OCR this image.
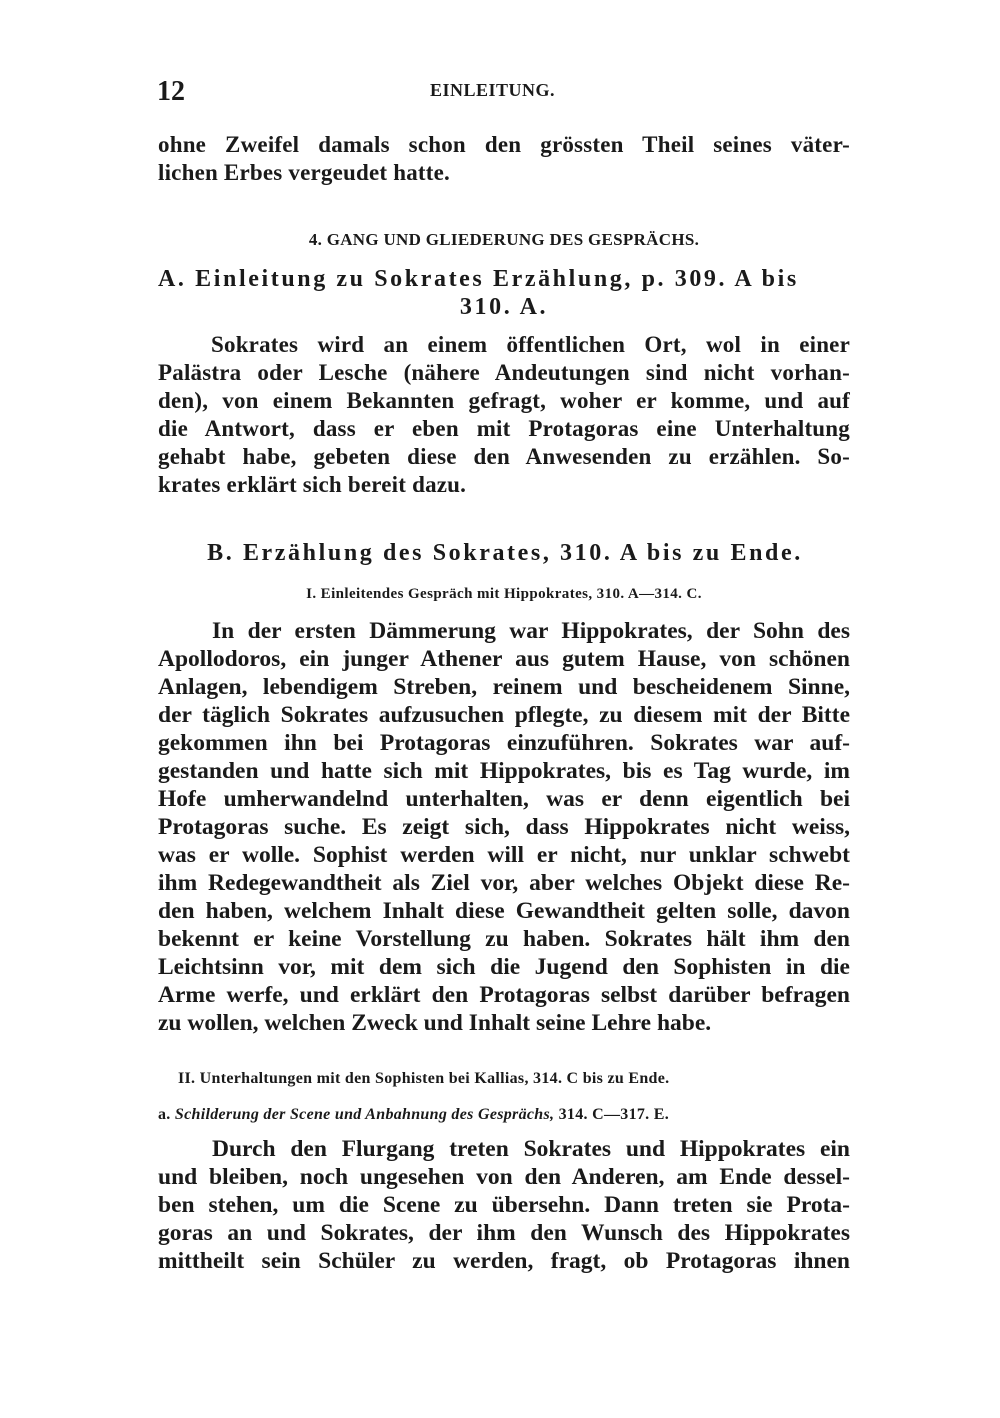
12	EINLEITUNG.
ohne Zweifel damals schon den grössten Theil seines väter-
lichen Erbes vergeudet hatte.
4. GANG UND GLIEDERUNG DES GESPRÄCHS.
A. Einleitung zu Sokrates Erzählung, p. 309. A bis
310. A.
Sokrates wird an einem öffentlichen Ort, wol in einer
Palästra oder Lesche (nähere Andeutungen sind nicht vorhan-
den), von einem Bekannten gefragt, woher er komme, und auf
die Antwort, dass er eben mit Protagoras eine Unterhaltung
gehabt habe, gebeten diese den Anwesenden zu erzählen. So-
krates erklärt sich bereit dazu.
B. Erzählung des Sokrates, 310. A bis zu Ende.
I. Einleitendes Gespräch mit Hippokrates, 310. A—314. C.
In der ersten Dämmerung war Hippokrates, der Sohn des
Apollodoros, ein junger Athener aus gutem Hause, von schönen
Anlagen, lebendigem Streben, reinem und bescheidenem Sinne,
der täglich Sokrates aufzusuchen pflegte, zu diesem mit der Bitte
gekommen ihn bei Protagoras einzuführen. Sokrates war auf-
gestanden und hatte sich mit Hippokrates, bis es Tag wurde, im
Hofe umherwandelnd unterhalten, was er denn eigentlich bei
Protagoras suche. Es zeigt sich, dass Hippokrates nicht weiss,
was er wolle. Sophist werden will er nicht, nur unklar schwebt
ihm Redegewandtheit als Ziel vor, aber welches Objekt diese Re-
den haben, welchem Inhalt diese Gewandtheit gelten solle, davon
bekennt er keine Vorstellung zu haben. Sokrates hält ihm den
Leichtsinn vor, mit dem sich die Jugend den Sophisten in die
Arme werfe, und erklärt den Protagoras selbst darüber befragen
zu wollen, welchen Zweck und Inhalt seine Lehre habe.
II. Unterhaltungen mit den Sophisten bei Kallias, 314. C bis zu Ende.
a. Schilderung der Scene und Anbahnung des Gesprächs, 314. C—317. E.
Durch den Flurgang treten Sokrates und Hippokrates ein
und bleiben, noch ungesehen von den Anderen, am Ende dessel-
ben stehen, um die Scene zu übersehn. Dann treten sie Prota-
goras an und Sokrates, der ihm den Wunsch des Hippokrates
mittheilt sein Schüler zu werden, fragt, ob Protagoras ihnen
